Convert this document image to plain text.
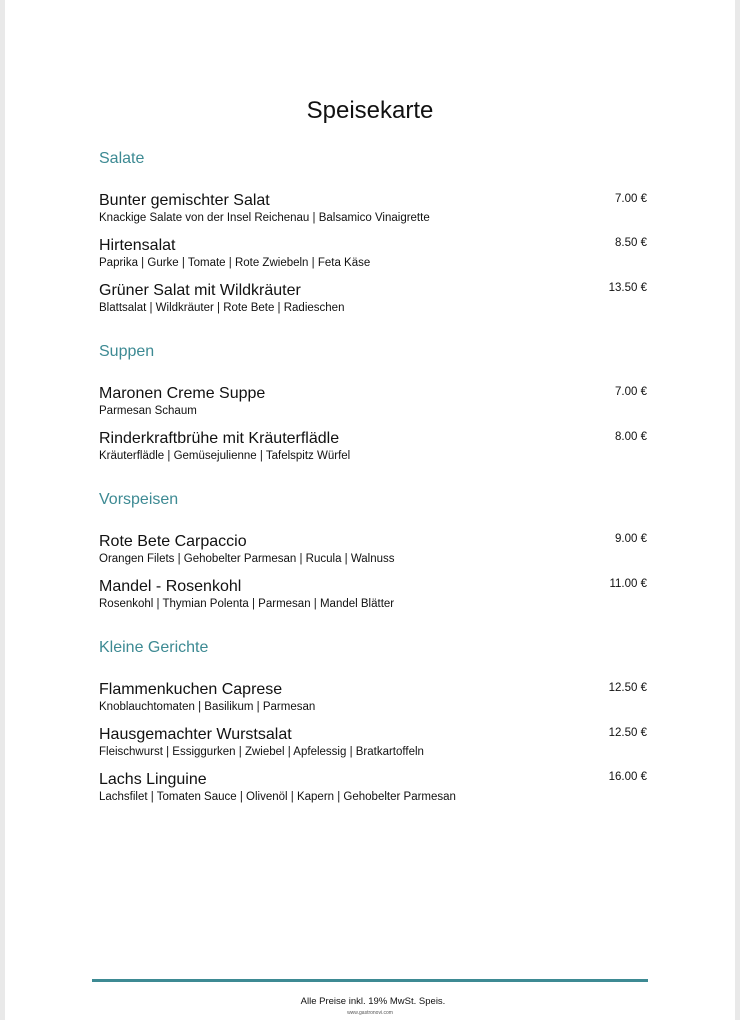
Speisekarte
Salate
Bunter gemischter Salat
Knackige Salate von der Insel Reichenau | Balsamico Vinaigrette
7.00 €
Hirtensalat
Paprika | Gurke | Tomate | Rote Zwiebeln | Feta Käse
8.50 €
Grüner Salat mit Wildkräuter
Blattsalat | Wildkräuter | Rote Bete | Radieschen
13.50 €
Suppen
Maronen Creme Suppe
Parmesan Schaum
7.00 €
Rinderkraftbrühe mit Kräuterflädle
Kräuterflädle | Gemüsejulienne | Tafelspitz Würfel
8.00 €
Vorspeisen
Rote Bete Carpaccio
Orangen Filets | Gehobelter Parmesan | Rucula | Walnuss
9.00 €
Mandel - Rosenkohl
Rosenkohl | Thymian Polenta | Parmesan | Mandel Blätter
11.00 €
Kleine Gerichte
Flammenkuchen Caprese
Knoblauchtomaten | Basilikum | Parmesan
12.50 €
Hausgemachter Wurstsalat
Fleischwurst | Essiggurken | Zwiebel | Apfelessig | Bratkartoffeln
12.50 €
Lachs Linguine
Lachsfilet | Tomaten Sauce | Olivenöl | Kapern | Gehobelter Parmesan
16.00 €
Alle Preise inkl. 19% MwSt. Speis.
www.gastronovi.com
